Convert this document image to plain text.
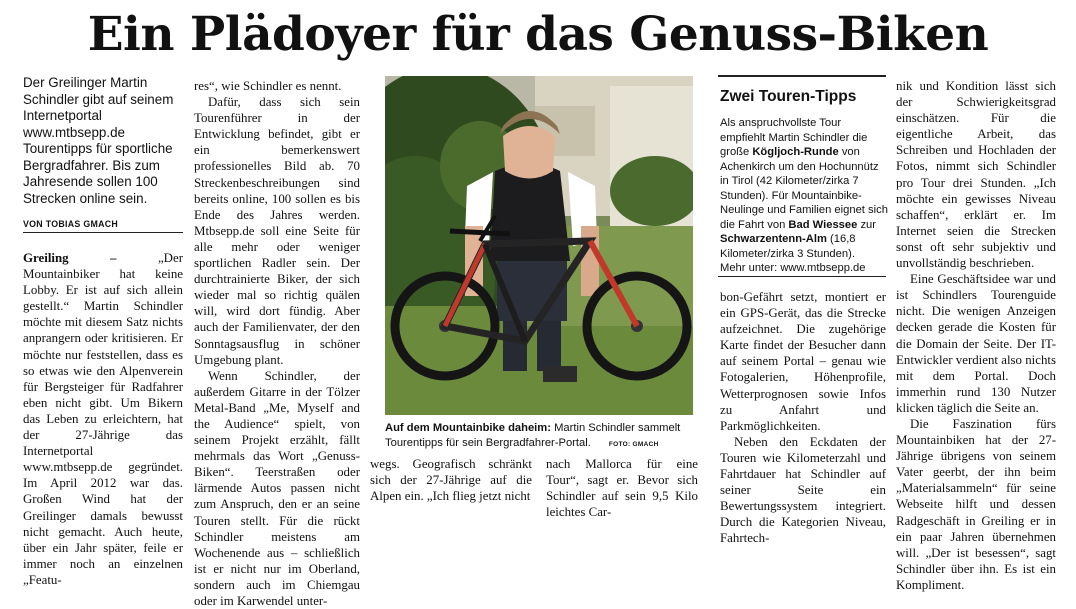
Ein Plädoyer für das Genuss-Biken

Der Greilinger Martin Schindler gibt auf seinem Internetportal www.mtbsepp.de Tourentipps für sportliche Bergradfahrer. Bis zum Jahresende sollen 100 Strecken online sein.

VON TOBIAS GMACH

Greiling – „Der Mountainbiker hat keine Lobby. Er ist auf sich allein gestellt.“ Martin Schindler möchte mit diesem Satz nichts anprangern oder kritisieren. Er möchte nur feststellen, dass es so etwas wie den Alpenverein für Bergsteiger für Radfahrer eben nicht gibt. Um Bikern das Leben zu erleichtern, hat der 27-Jährige das Internetportal www.mtbsepp.de gegründet. Im April 2012 war das. Großen Wind hat der Greilinger damals bewusst nicht gemacht. Auch heute, über ein Jahr später, feile er immer noch an einzelnen „Featu-

res“, wie Schindler es nennt.

Dafür, dass sich sein Tourenführer in der Entwicklung befindet, gibt er ein bemerkenswert professionelles Bild ab. 70 Streckenbeschreibungen sind bereits online, 100 sollen es bis Ende des Jahres werden. Mtbsepp.de soll eine Seite für alle mehr oder weniger sportlichen Radler sein. Der durchtrainierte Biker, der sich wieder mal so richtig quälen will, wird dort fündig. Aber auch der Familienvater, der den Sonntagsausflug in schöner Umgebung plant.

Wenn Schindler, der außerdem Gitarre in der Tölzer Metal-Band „Me, Myself and the Audience“ spielt, von seinem Projekt erzählt, fällt mehrmals das Wort „Genuss-Biken“. Teerstraßen oder lärmende Autos passen nicht zum Anspruch, den er an seine Touren stellt. Für die rückt Schindler meistens am Wochenende aus – schließlich ist er nicht nur im Oberland, sondern auch im Chiemgau oder im Karwendel unter-

Auf dem Mountainbike daheim: Martin Schindler sammelt Tourentipps für sein Bergradfahrer-Portal.	FOTO: GMACH

wegs. Geografisch schränkt sich der 27-Jährige auf die Alpen ein. „Ich flieg jetzt nicht

nach Mallorca für eine Tour“, sagt er. Bevor sich Schindler auf sein 9,5 Kilo leichtes Car-

Zwei Touren-Tipps

Als anspruchvollste Tour empfiehlt Martin Schindler die große Kögljoch-Runde von Achenkirch um den Hochunnütz in Tirol (42 Kilometer/zirka 7 Stunden). Für Mountainbike-Neulinge und Familien eignet sich die Fahrt von Bad Wiessee zur Schwarzentenn-Alm (16,8 Kilometer/zirka 3 Stunden).
Mehr unter: www.mtbsepp.de

bon-Gefährt setzt, montiert er ein GPS-Gerät, das die Strecke aufzeichnet. Die zugehörige Karte findet der Besucher dann auf seinem Portal – genau wie Fotogalerien, Höhenprofile, Wetterprognosen sowie Infos zu Anfahrt und Parkmöglichkeiten.

Neben den Eckdaten der Touren wie Kilometerzahl und Fahrtdauer hat Schindler auf seiner Seite ein Bewertungssystem integriert. Durch die Kategorien Niveau, Fahrtech-

nik und Kondition lässt sich der Schwierigkeitsgrad einschätzen. Für die eigentliche Arbeit, das Schreiben und Hochladen der Fotos, nimmt sich Schindler pro Tour drei Stunden. „Ich möchte ein gewisses Niveau schaffen“, erklärt er. Im Internet seien die Strecken sonst oft sehr subjektiv und unvollständig beschrieben.

Eine Geschäftsidee war und ist Schindlers Tourenguide nicht. Die wenigen Anzeigen decken gerade die Kosten für die Domain der Seite. Der IT-Entwickler verdient also nichts mit dem Portal. Doch immerhin rund 130 Nutzer klicken täglich die Seite an.

Die Faszination fürs Mountainbiken hat der 27-Jährige übrigens von seinem Vater geerbt, der ihn beim „Materialsammeln“ für seine Webseite hilft und dessen Radgeschäft in Greiling er in ein paar Jahren übernehmen will. „Der ist besessen“, sagt Schindler über ihn. Es ist ein Kompliment.
